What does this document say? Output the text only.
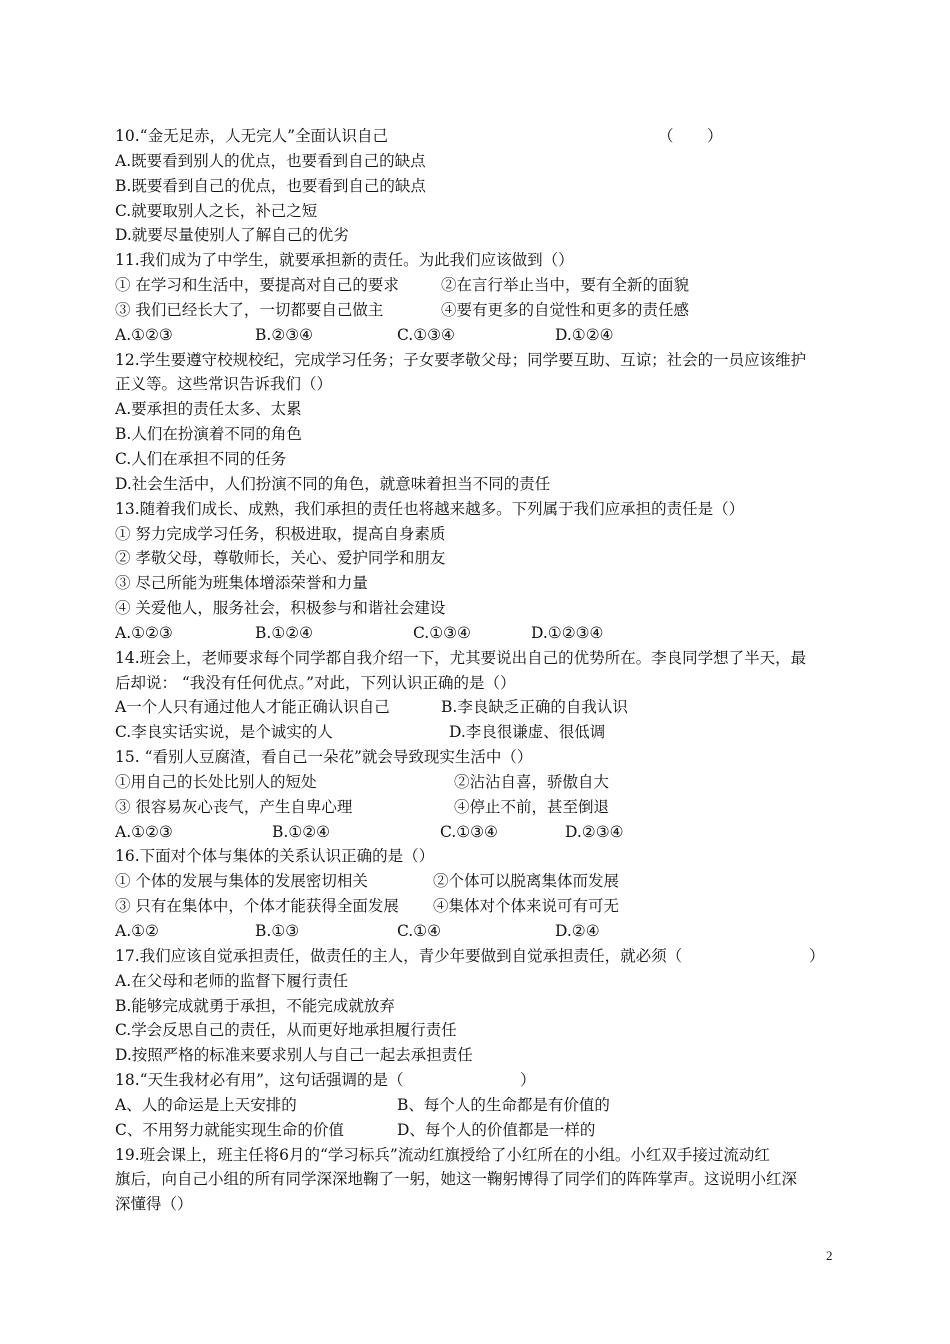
10.“金无足赤，人无完人”全面认识自己	（ ）
A.既要看到别人的优点，也要看到自己的缺点
B.既要看到自己的优点，也要看到自己的缺点
C.就要取别人之长，补己之短
D.就要尽量使别人了解自己的优劣
11.我们成为了中学生，就要承担新的责任。为此我们应该做到（）
① 在学习和生活中，要提高对自己的要求	②在言行举止当中，要有全新的面貌
③ 我们已经长大了，一切都要自己做主	④要有更多的自觉性和更多的责任感
A.①②③	B.②③④	C.①③④	D.①②④
12.学生要遵守校规校纪，完成学习任务；子女要孝敬父母；同学要互助、互谅；社会的一员应该维护
正义等。这些常识告诉我们（）
A.要承担的责任太多、太累
B.人们在扮演着不同的角色
C.人们在承担不同的任务
D.社会生活中，人们扮演不同的角色，就意味着担当不同的责任
13.随着我们成长、成熟，我们承担的责任也将越来越多。下列属于我们应承担的责任是（）
① 努力完成学习任务，积极进取，提高自身素质
② 孝敬父母，尊敬师长，关心、爱护同学和朋友
③ 尽己所能为班集体增添荣誉和力量
④ 关爱他人，服务社会，积极参与和谐社会建设
A.①②③	B.①②④	C.①③④	D.①②③④
14.班会上，老师要求每个同学都自我介绍一下，尤其要说出自己的优势所在。李良同学想了半天，最
后却说： “我没有任何优点。”对此，下列认识正确的是（）
A一个人只有通过他人才能正确认识自己	B.李良缺乏正确的自我认识
C.李良实话实说，是个诚实的人	D.李良很谦虚、很低调
15. “看别人豆腐渣，看自己一朵花”就会导致现实生活中（）
①用自己的长处比别人的短处	②沾沾自喜，骄傲自大
③ 很容易灰心丧气，产生自卑心理	④停止不前，甚至倒退
A.①②③	B.①②④	C.①③④	D.②③④
16.下面对个体与集体的关系认识正确的是（）
① 个体的发展与集体的发展密切相关	②个体可以脱离集体而发展
③ 只有在集体中，个体才能获得全面发展 ④集体对个体来说可有可无
A.①②	B.①③	C.①④	D.②④
17.我们应该自觉承担责任，做责任的主人，青少年要做到自觉承担责任，就必须（	）
A.在父母和老师的监督下履行责任
B.能够完成就勇于承担，不能完成就放弃
C.学会反思自己的责任，从而更好地承担履行责任
D.按照严格的标准来要求别人与自己一起去承担责任
18.“天生我材必有用”，这句话强调的是（	）
A、人的命运是上天安排的	B、每个人的生命都是有价值的
C、不用努力就能实现生命的价值	D、每个人的价值都是一样的
19.班会课上，班主任将6月的“学习标兵”流动红旗授给了小红所在的小组。小红双手接过流动红
旗后，向自己小组的所有同学深深地鞠了一躬，她这一鞠躬博得了同学们的阵阵掌声。这说明小红深
深懂得（）
2
